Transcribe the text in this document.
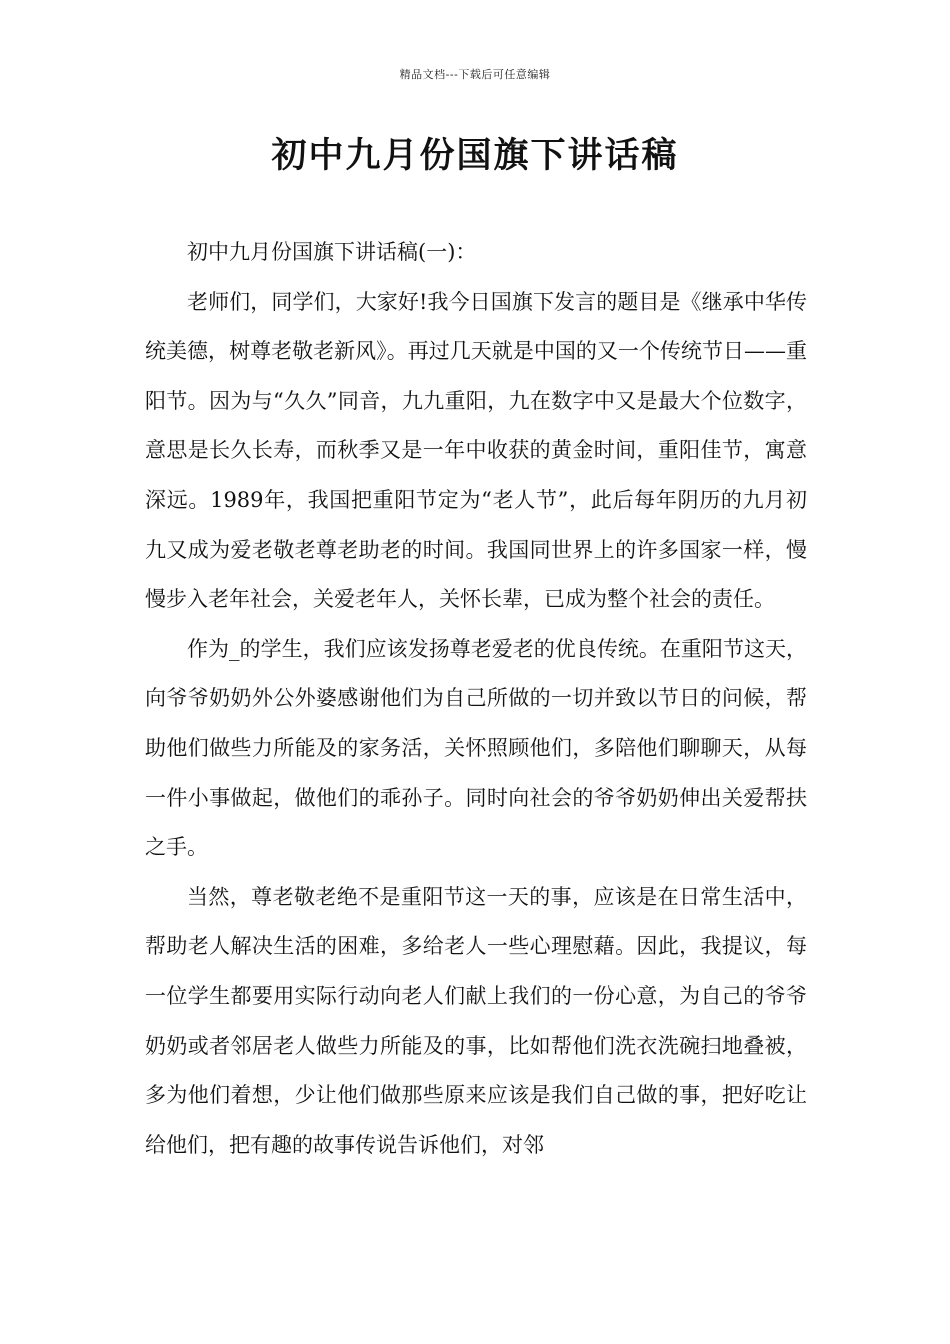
精品文档---下载后可任意编辑
初中九月份国旗下讲话稿

初中九月份国旗下讲话稿(一)：

老师们，同学们，大家好!我今日国旗下发言的题目是《继承中华传统美德，树尊老敬老新风》。再过几天就是中国的又一个传统节日——重阳节。因为与“久久”同音，九九重阳，九在数字中又是最大个位数字，意思是长久长寿，而秋季又是一年中收获的黄金时间，重阳佳节，寓意深远。1989年，我国把重阳节定为“老人节”，此后每年阴历的九月初九又成为爱老敬老尊老助老的时间。我国同世界上的许多国家一样，慢慢步入老年社会，关爱老年人，关怀长辈，已成为整个社会的责任。

作为_的学生，我们应该发扬尊老爱老的优良传统。在重阳节这天，向爷爷奶奶外公外婆感谢他们为自己所做的一切并致以节日的问候，帮助他们做些力所能及的家务活，关怀照顾他们，多陪他们聊聊天，从每一件小事做起，做他们的乖孙子。同时向社会的爷爷奶奶伸出关爱帮扶之手。

当然，尊老敬老绝不是重阳节这一天的事，应该是在日常生活中，帮助老人解决生活的困难，多给老人一些心理慰藉。因此，我提议，每一位学生都要用实际行动向老人们献上我们的一份心意，为自己的爷爷奶奶或者邻居老人做些力所能及的事，比如帮他们洗衣洗碗扫地叠被，多为他们着想，少让他们做那些原来应该是我们自己做的事，把好吃让给他们，把有趣的故事传说告诉他们，对邻
